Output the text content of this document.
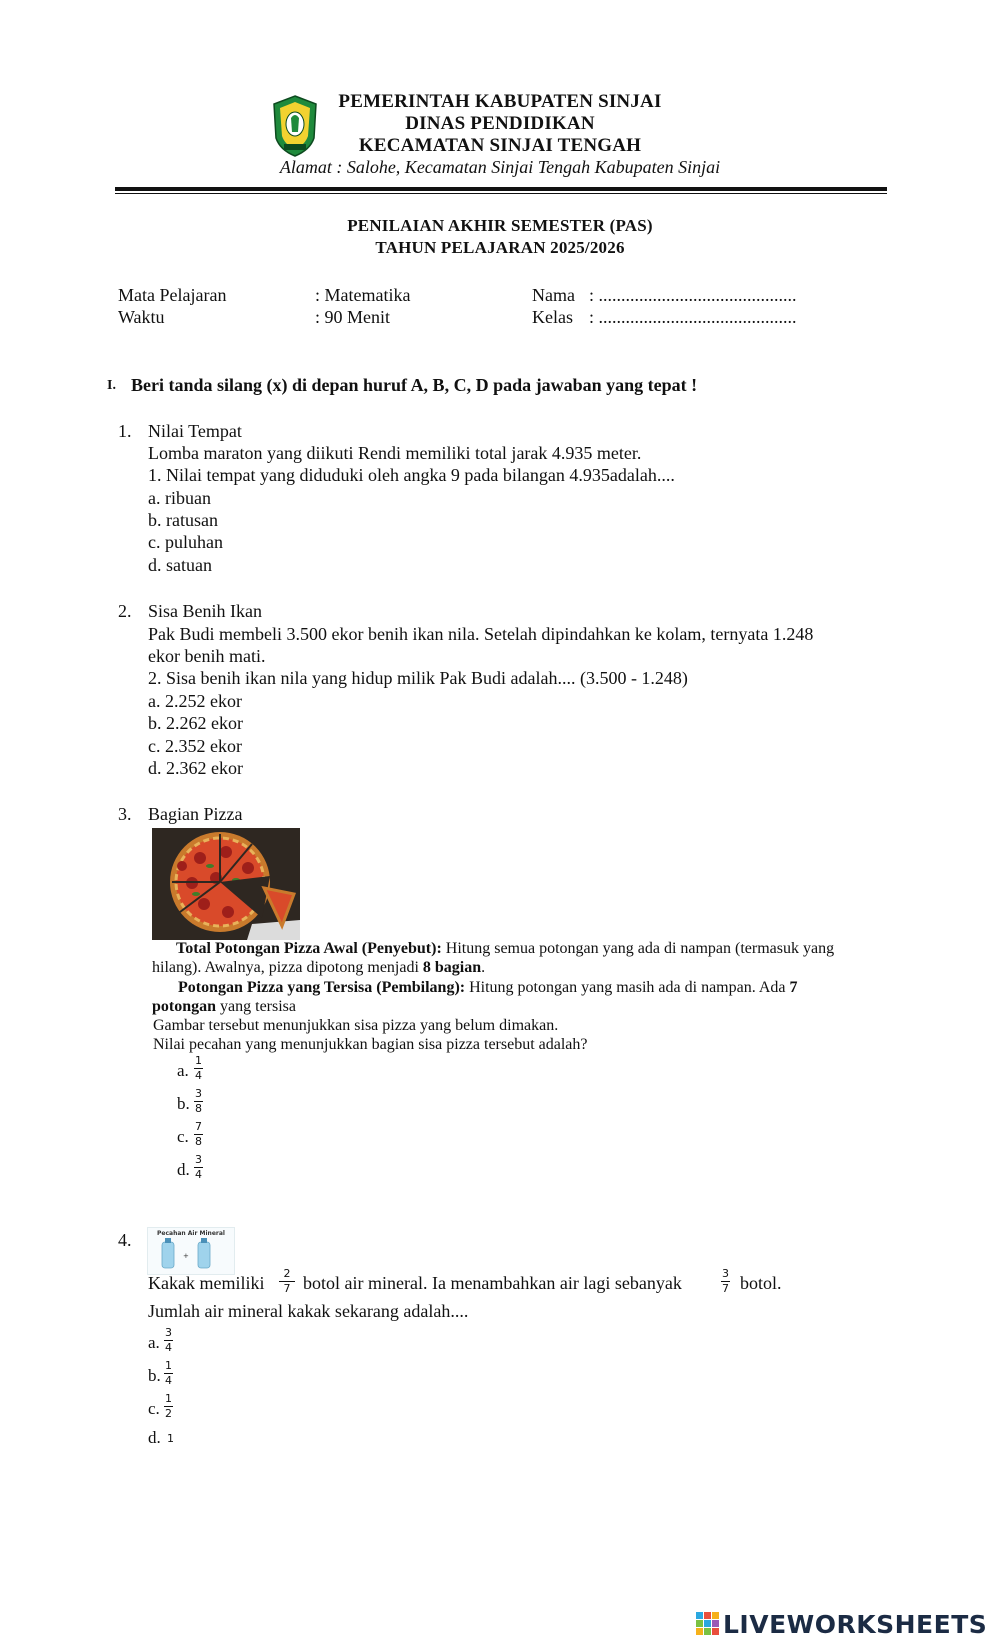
PEMERINTAH KABUPATEN SINJAI
DINAS PENDIDIKAN
KECAMATAN SINJAI TENGAH
Alamat : Salohe, Kecamatan Sinjai Tengah Kabupaten Sinjai
PENILAIAN AKHIR SEMESTER (PAS)
TAHUN PELAJARAN 2025/2026
Mata Pelajaran	: Matematika
Waktu	: 90 Menit
Nama : ............................................
Kelas : ............................................
I. Beri tanda silang (x) di depan huruf A, B, C, D pada jawaban yang tepat !
1. Nilai Tempat
Lomba maraton yang diikuti Rendi memiliki total jarak 4.935 meter.
1. Nilai tempat yang diduduki oleh angka 9 pada bilangan 4.935adalah....
a. ribuan
b. ratusan
c. puluhan
d. satuan
2. Sisa Benih Ikan
Pak Budi membeli 3.500 ekor benih ikan nila. Setelah dipindahkan ke kolam, ternyata 1.248
ekor benih mati.
2. Sisa benih ikan nila yang hidup milik Pak Budi adalah.... (3.500 - 1.248)
a. 2.252 ekor
b. 2.262 ekor
c. 2.352 ekor
d. 2.362 ekor
3. Bagian Pizza
Total Potongan Pizza Awal (Penyebut): Hitung semua potongan yang ada di nampan (termasuk yang
hilang). Awalnya, pizza dipotong menjadi 8 bagian.
Potongan Pizza yang Tersisa (Pembilang): Hitung potongan yang masih ada di nampan. Ada 7
potongan yang tersisa
Gambar tersebut menunjukkan sisa pizza yang belum dimakan.
Nilai pecahan yang menunjukkan bagian sisa pizza tersebut adalah?
a.
1
4
b.
3
8
c.
7
8
d.
3
4
4.	Pecahan Air Mineral
+
Kakak memiliki 2
7 botol air mineral. Ia menambahkan air lagi sebanyak	3
7 botol.
Jumlah air mineral kakak sekarang adalah....
a.
3
4
b.
1
4
c.
1
2
d. 1
LIVEWORKSHEETS
